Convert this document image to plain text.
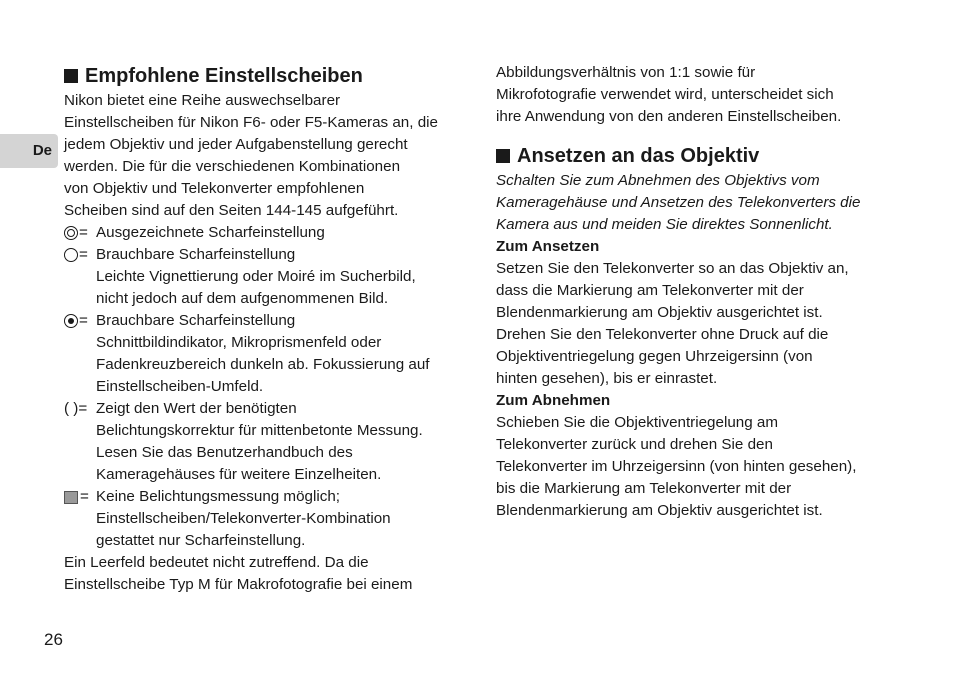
De
Empfohlene Einstellscheiben
Nikon bietet eine Reihe auswechselbarer
Einstellscheiben für Nikon F6- oder F5-Kameras an, die
jedem Objektiv und jeder Aufgabenstellung gerecht
werden. Die für die verschiedenen Kombinationen
von Objektiv und Telekonverter empfohlenen
Scheiben sind auf den Seiten 144-145 aufgeführt.
= Ausgezeichnete Scharfeinstellung
= Brauchbare Scharfeinstellung
Leichte Vignettierung oder Moiré im Sucherbild,
nicht jedoch auf dem aufgenommenen Bild.
= Brauchbare Scharfeinstellung
Schnittbildindikator, Mikroprismenfeld oder
Fadenkreuzbereich dunkeln ab. Fokussierung auf
Einstellscheiben-Umfeld.
( ) = Zeigt den Wert der benötigten
Belichtungskorrektur für mittenbetonte Messung.
Lesen Sie das Benutzerhandbuch des
Kameragehäuses für weitere Einzelheiten.
= Keine Belichtungsmessung möglich;
Einstellscheiben/Telekonverter-Kombination
gestattet nur Scharfeinstellung.
Ein Leerfeld bedeutet nicht zutreffend. Da die
Einstellscheibe Typ M für Makrofotografie bei einem
Abbildungsverhältnis von 1:1 sowie für
Mikrofotografie verwendet wird, unterscheidet sich
ihre Anwendung von den anderen Einstellscheiben.
Ansetzen an das Objektiv
Schalten Sie zum Abnehmen des Objektivs vom
Kameragehäuse und Ansetzen des Telekonverters die
Kamera aus und meiden Sie direktes Sonnenlicht.
Zum Ansetzen
Setzen Sie den Telekonverter so an das Objektiv an,
dass die Markierung am Telekonverter mit der
Blendenmarkierung am Objektiv ausgerichtet ist.
Drehen Sie den Telekonverter ohne Druck auf die
Objektiventriegelung gegen Uhrzeigersinn (von
hinten gesehen), bis er einrastet.
Zum Abnehmen
Schieben Sie die Objektiventriegelung am
Telekonverter zurück und drehen Sie den
Telekonverter im Uhrzeigersinn (von hinten gesehen),
bis die Markierung am Telekonverter mit der
Blendenmarkierung am Objektiv ausgerichtet ist.
26
